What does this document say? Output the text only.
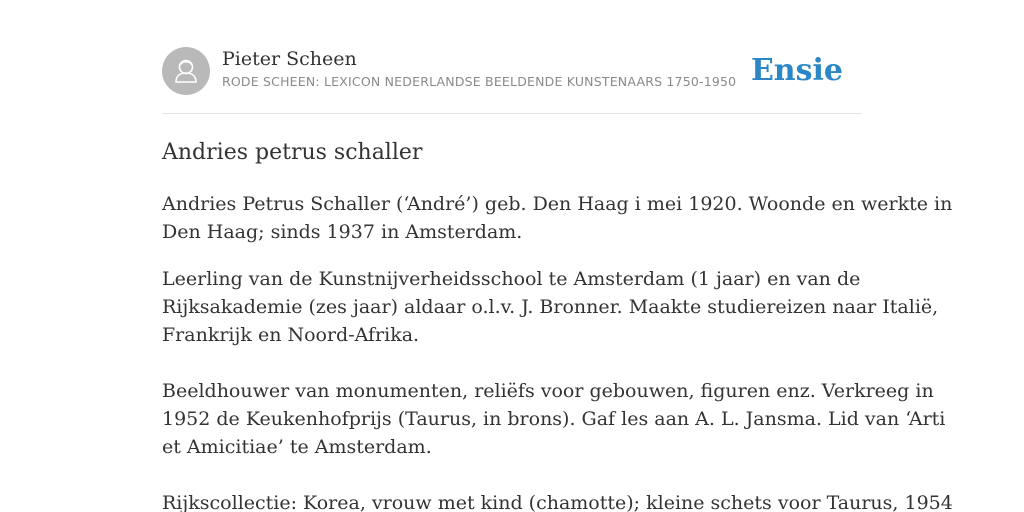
Pieter Scheen
RODE SCHEEN: LEXICON NEDERLANDSE BEELDENDE KUNSTENAARS 1750-1950 Ensie
Andries petrus schaller

Andries Petrus Schaller (‘André’) geb. Den Haag i mei 1920. Woonde en werkte in
Den Haag; sinds 1937 in Amsterdam.

Leerling van de Kunstnijverheidsschool te Amsterdam (1 jaar) en van de
Rijksakademie (zes jaar) aldaar o.l.v. J. Bronner. Maakte studiereizen naar Italië,
Frankrijk en Noord-Afrika.

Beeldhouwer van monumenten, reliëfs voor gebouwen, figuren enz. Verkreeg in
1952 de Keukenhofprijs (Taurus, in brons). Gaf les aan A. L. Jansma. Lid van ‘Arti
et Amicitiae’ te Amsterdam.

Rijkscollectie: Korea, vrouw met kind (chamotte); kleine schets voor Taurus, 1954
